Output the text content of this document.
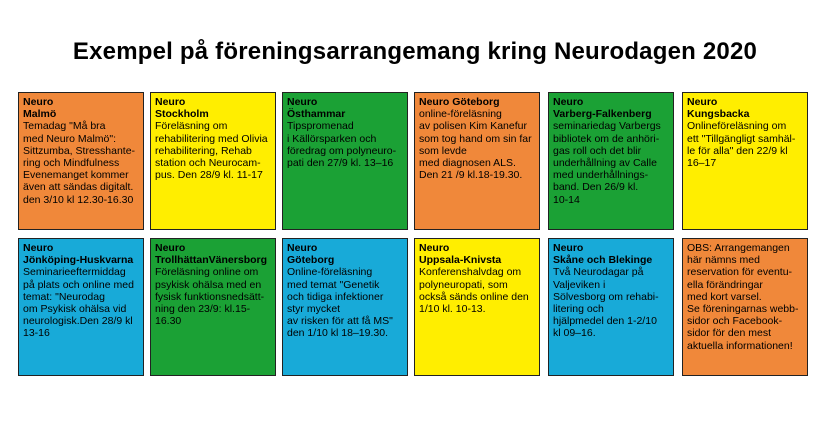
Exempel på föreningsarrangemang kring Neurodagen 2020
Neuro
Malmö
Temadag "Må bra
med Neuro Malmö":
Sittzumba, Stresshante-
ring och Mindfulness
Evenemanget kommer
även att sändas digitalt.
den 3/10 kl 12.30-16.30
Neuro
Stockholm
Föreläsning om
rehabilitering med Olivia
rehabilitering, Rehab
station och Neurocam-
pus. Den 28/9 kl. 11-17
Neuro
Östhammar
Tipspromenad
i Källörsparken och
föredrag om polyneuro-
pati den 27/9 kl. 13–16
Neuro Göteborg
online-föreläsning
av polisen Kim Kanefur
som tog hand om sin far
som levde
med diagnosen ALS.
Den 21 /9 kl.18-19.30.
Neuro
Varberg-Falkenberg
seminariedag Varbergs
bibliotek om de anhöri-
gas roll och det blir
underhållning av Calle
med underhållnings-
band. Den 26/9 kl.
10-14
Neuro
Kungsbacka
Onlineföreläsning om
ett "Tillgängligt samhäl-
le för alla" den 22/9 kl
16–17
Neuro
Jönköping-Huskvarna
Seminarieeftermiddag
på plats och online med
temat: "Neurodag
om Psykisk ohälsa vid
neurologisk.Den 28/9 kl
13-16
Neuro
TrollhättanVänersborg
Föreläsning online om
psykisk ohälsa med en
fysisk funktionsnedsätt-
ning den 23/9: kl.15-
16.30
Neuro
Göteborg
Online-föreläsning
med temat "Genetik
och tidiga infektioner
styr mycket
av risken för att få MS"
den 1/10 kl 18–19.30.
Neuro
Uppsala-Knivsta
Konferenshalvdag om
polyneuropati, som
också sänds online den
1/10 kl. 10-13.
Neuro
Skåne och Blekinge
Två Neurodagar på
Valjeviken i
Sölvesborg om rehabi-
litering och
hjälpmedel den 1-2/10
kl 09–16.
OBS: Arrangemangen
här nämns med
reservation för eventu-
ella förändringar
med kort varsel.
Se föreningarnas webb-
sidor och Facebook-
sidor för den mest
aktuella informationen!
